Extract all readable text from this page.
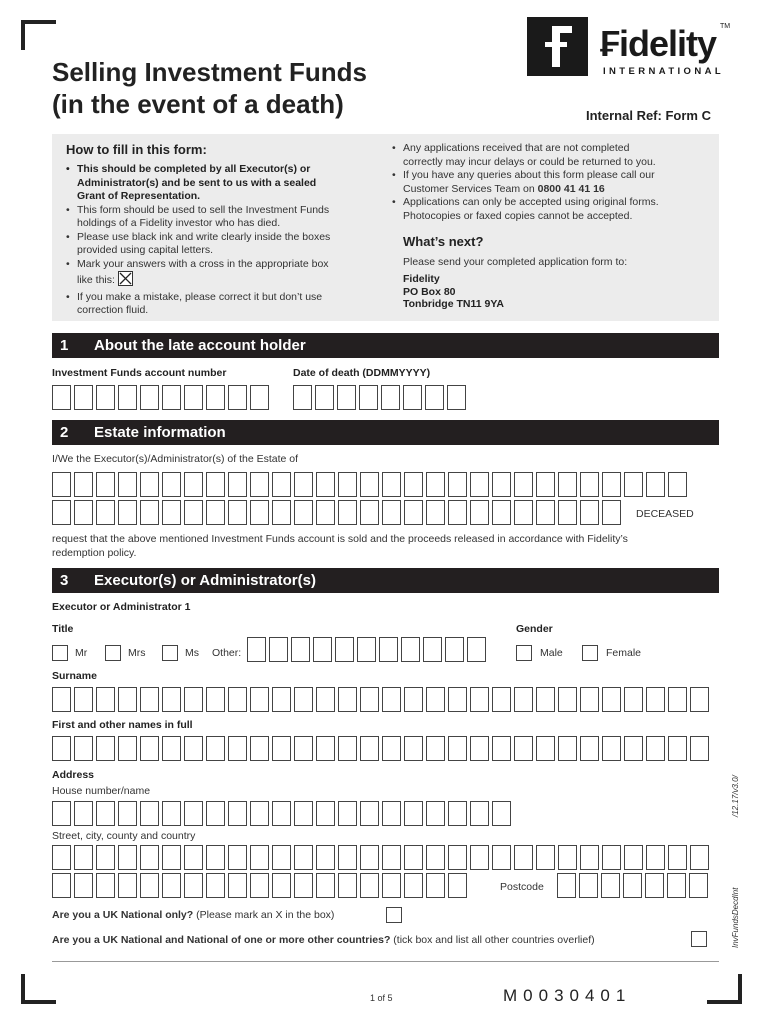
Selling Investment Funds
(in the event of a death)
₣idelity
INTERNATIONAL
TM
Internal Ref: Form C
How to fill in this form:
• This should be completed by all Executor(s) or
Administrator(s) and be sent to us with a sealed
Grant of Representation.
• This form should be used to sell the Investment Funds
holdings of a Fidelity investor who has died.
• Please use black ink and write clearly inside the boxes
provided using capital letters.
• Mark your answers with a cross in the appropriate box
like this:
• If you make a mistake, please correct it but don’t use
correction fluid.
• Any applications received that are not completed
correctly may incur delays or could be returned to you.
• If you have any queries about this form please call our
Customer Services Team on 0800 41 41 16
• Applications can only be accepted using original forms.
Photocopies or faxed copies cannot be accepted.
What’s next?
Please send your completed application form to:
Fidelity
PO Box 80
Tonbridge TN11 9YA
1 About the late account holder
Investment Funds account number	Date of death (DDMMYYYY)
2 Estate information
I/We the Executor(s)/Administrator(s) of the Estate of
DECEASED
request that the above mentioned Investment Funds account is sold and the proceeds released in accordance with Fidelity’s
redemption policy.
3 Executor(s) or Administrator(s)
Executor or Administrator 1
Title	Gender
Mr	Mrs	Ms Other:	Male	Female
Surname
First and other names in full
Address
House number/name
Street, city, county and country
Postcode
Are you a UK National only? (Please mark an X in the box)
Are you a UK National and National of one or more other countries? (tick box and list all other countries overlief)
1 of 5	M0030401
/12.17/v3.0/
InvFundsDecdInt
